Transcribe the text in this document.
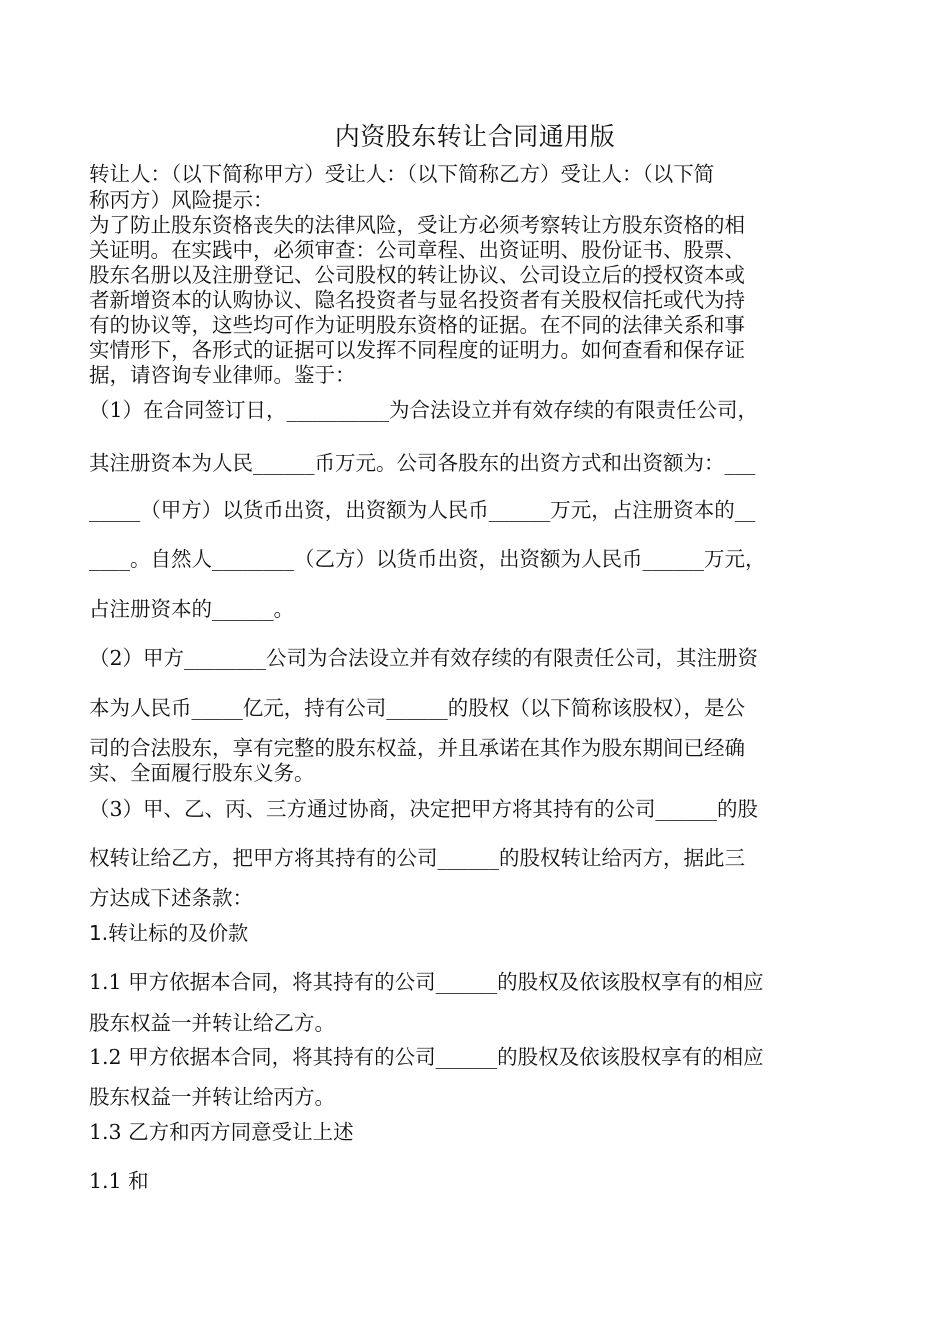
内资股东转让合同通用版
转让人：（以下简称甲方）受让人：（以下简称乙方）受让人：（以下简
称丙方）风险提示：
为了防止股东资格丧失的法律风险，受让方必须考察转让方股东资格的相
关证明。在实践中，必须审查：公司章程、出资证明、股份证书、股票、
股东名册以及注册登记、公司股权的转让协议、公司设立后的授权资本或
者新增资本的认购协议、隐名投资者与显名投资者有关股权信托或代为持
有的协议等，这些均可作为证明股东资格的证据。在不同的法律关系和事
实情形下，各形式的证据可以发挥不同程度的证明力。如何查看和保存证
据，请咨询专业律师。鉴于：
（1）在合同签订日，__________为合法设立并有效存续的有限责任公司，
其注册资本为人民______币万元。公司各股东的出资方式和出资额为：___
_____（甲方）以货币出资，出资额为人民币______万元，占注册资本的__
____。自然人________（乙方）以货币出资，出资额为人民币______万元，
占注册资本的______。
（2）甲方________公司为合法设立并有效存续的有限责任公司，其注册资
本为人民币_____亿元，持有公司______的股权（以下简称该股权），是公
司的合法股东，享有完整的股东权益，并且承诺在其作为股东期间已经确
实、全面履行股东义务。
（3）甲、乙、丙、三方通过协商，决定把甲方将其持有的公司______的股
权转让给乙方，把甲方将其持有的公司______的股权转让给丙方，据此三
方达成下述条款：
1.转让标的及价款
1.1 甲方依据本合同，将其持有的公司______的股权及依该股权享有的相应
股东权益一并转让给乙方。
1.2 甲方依据本合同，将其持有的公司______的股权及依该股权享有的相应
股东权益一并转让给丙方。
1.3 乙方和丙方同意受让上述
1.1 和
